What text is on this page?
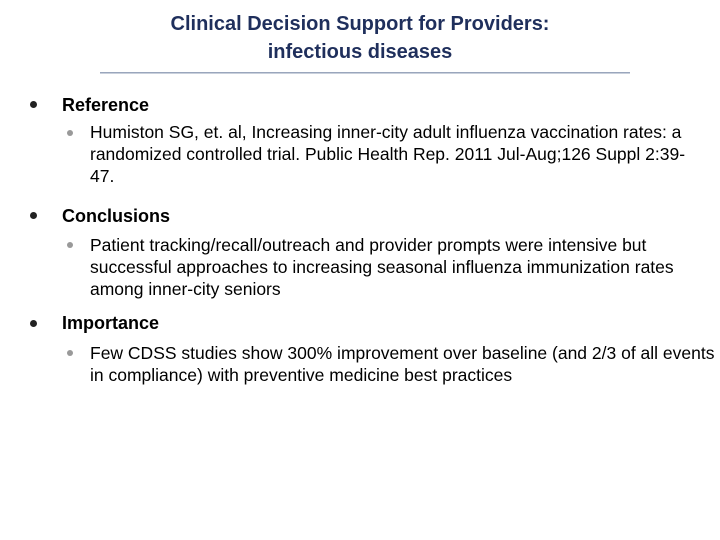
Clinical Decision Support for Providers:
infectious diseases
Reference
Humiston SG, et. al, Increasing inner-city adult influenza vaccination rates: a randomized controlled trial. Public Health Rep. 2011 Jul-Aug;126 Suppl 2:39-47.
Conclusions
Patient tracking/recall/outreach and provider prompts were intensive but successful approaches to increasing seasonal influenza immunization rates among inner-city seniors
Importance
Few CDSS studies show 300% improvement over baseline (and 2/3 of all events in compliance) with preventive medicine best practices
